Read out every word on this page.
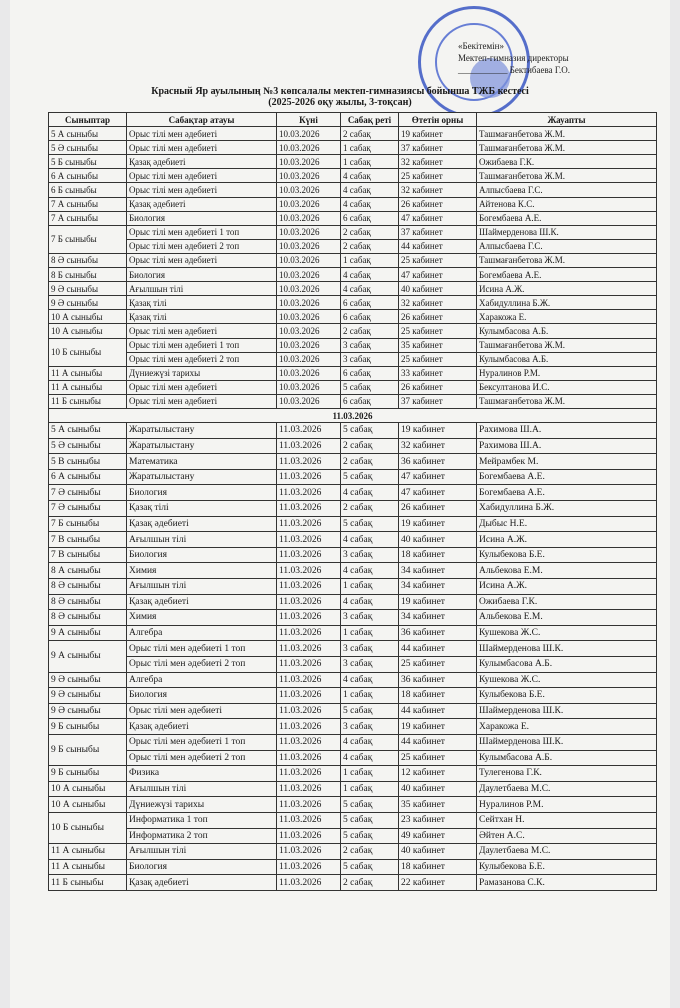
«Бекітемін»
Мектеп-гимназия директоры
___________ Бектибаева Г.О.
Красный Яр ауылының №3 көпсалалы мектеп-гимназиясы бойынша ТЖБ кестесі
(2025-2026 оқу жылы, 3-тоқсан)
Сыныптар	Сабақтар атауы	Күні	Сабақ реті	Өтетін орны	Жауапты
5 А сыныбы	Орыс тілі мен әдебиеті	10.03.2026	2 сабақ	19 кабинет	Ташмағанбетова Ж.М.
5 Ә сыныбы	Орыс тілі мен әдебиеті	10.03.2026	1 сабақ	37 кабинет	Ташмағанбетова Ж.М.
5 Б сыныбы	Қазақ әдебиеті	10.03.2026	1 сабақ	32 кабинет	Ожибаева Г.К.
6 А сыныбы	Орыс тілі мен әдебиеті	10.03.2026	4 сабақ	25 кабинет	Ташмағанбетова Ж.М.
6 Б сыныбы	Орыс тілі мен әдебиеті	10.03.2026	4 сабақ	32 кабинет	Алпысбаева Г.С.
7 А сыныбы	Қазақ әдебиеті	10.03.2026	4 сабақ	26 кабинет	Айтенова К.С.
7 А сыныбы	Биология	10.03.2026	6 сабақ	47 кабинет	Богембаева А.Е.
7 Б сыныбы	Орыс тілі мен әдебиеті 1 топ	10.03.2026	2 сабақ	37 кабинет	Шаймерденова Ш.К.
	Орыс тілі мен әдебиеті 2 топ	10.03.2026	2 сабақ	44 кабинет	Алпысбаева Г.С.
8 Ә сыныбы	Орыс тілі мен әдебиеті	10.03.2026	1 сабақ	25 кабинет	Ташмағанбетова Ж.М.
8 Б сыныбы	Биология	10.03.2026	4 сабақ	47 кабинет	Богембаева А.Е.
9 Ә сыныбы	Ағылшын тілі	10.03.2026	4 сабақ	40 кабинет	Исина А.Ж.
9 Ә сыныбы	Қазақ тілі	10.03.2026	6 сабақ	32 кабинет	Хабидуллина Б.Ж.
10 А сыныбы	Қазақ тілі	10.03.2026	6 сабақ	26 кабинет	Харакожа Е.
10 А сыныбы	Орыс тілі мен әдебиеті	10.03.2026	2 сабақ	25 кабинет	Кулымбасова А.Б.
10 Б сыныбы	Орыс тілі мен әдебиеті 1 топ	10.03.2026	3 сабақ	35 кабинет	Ташмағанбетова Ж.М.
	Орыс тілі мен әдебиеті 2 топ	10.03.2026	3 сабақ	25 кабинет	Кулымбасова А.Б.
11 А сыныбы	Дүниежүзі тарихы	10.03.2026	6 сабақ	33 кабинет	Нуралинов Р.М.
11 А сыныбы	Орыс тілі мен әдебиеті	10.03.2026	5 сабақ	26 кабинет	Бексултанова И.С.
11 Б сыныбы	Орыс тілі мен әдебиеті	10.03.2026	6 сабақ	37 кабинет	Ташмағанбетова Ж.М.
11.03.2026					
5 А сыныбы	Жаратылыстану	11.03.2026	5 сабақ	19 кабинет	Рахимова Ш.А.
5 Ә сыныбы	Жаратылыстану	11.03.2026	2 сабақ	32 кабинет	Рахимова Ш.А.
5 В сыныбы	Математика	11.03.2026	2 сабақ	36 кабинет	Мейрамбек М.
6 А сыныбы	Жаратылыстану	11.03.2026	5 сабақ	47 кабинет	Богембаева А.Е.
7 Ә сыныбы	Биология	11.03.2026	4 сабақ	47 кабинет	Богембаева А.Е.
7 Ә сыныбы	Қазақ тілі	11.03.2026	2 сабақ	26 кабинет	Хабидуллина Б.Ж.
7 Б сыныбы	Қазақ әдебиеті	11.03.2026	5 сабақ	19 кабинет	Дыбыс Н.Е.
7 В сыныбы	Ағылшын тілі	11.03.2026	4 сабақ	40 кабинет	Исина А.Ж.
7 В сыныбы	Биология	11.03.2026	3 сабақ	18 кабинет	Кулыбекова Б.Е.
8 А сыныбы	Химия	11.03.2026	4 сабақ	34 кабинет	Альбекова Е.М.
8 Ә сыныбы	Ағылшын тілі	11.03.2026	1 сабақ	34 кабинет	Исина А.Ж.
8 Ә сыныбы	Қазақ әдебиеті	11.03.2026	4 сабақ	19 кабинет	Ожибаева Г.К.
8 Ә сыныбы	Химия	11.03.2026	3 сабақ	34 кабинет	Альбекова Е.М.
9 А сыныбы	Алгебра	11.03.2026	1 сабақ	36 кабинет	Кушекова Ж.С.
9 А сыныбы	Орыс тілі мен әдебиеті 1 топ	11.03.2026	3 сабақ	44 кабинет	Шаймерденова Ш.К.
	Орыс тілі мен әдебиеті 2 топ	11.03.2026	3 сабақ	25 кабинет	Кулымбасова А.Б.
9 Ә сыныбы	Алгебра	11.03.2026	4 сабақ	36 кабинет	Кушекова Ж.С.
9 Ә сыныбы	Биология	11.03.2026	1 сабақ	18 кабинет	Кулыбекова Б.Е.
9 Ә сыныбы	Орыс тілі мен әдебиеті	11.03.2026	5 сабақ	44 кабинет	Шаймерденова Ш.К.
9 Б сыныбы	Қазақ әдебиеті	11.03.2026	3 сабақ	19 кабинет	Харакожа Е.
9 Б сыныбы	Орыс тілі мен әдебиеті 1 топ	11.03.2026	4 сабақ	44 кабинет	Шаймерденова Ш.К.
	Орыс тілі мен әдебиеті 2 топ	11.03.2026	4 сабақ	25 кабинет	Кулымбасова А.Б.
9 Б сыныбы	Физика	11.03.2026	1 сабақ	12 кабинет	Тулегенова Г.К.
10 А сыныбы	Ағылшын тілі	11.03.2026	1 сабақ	40 кабинет	Даулетбаева М.С.
10 А сыныбы	Дүниежүзі тарихы	11.03.2026	5 сабақ	35 кабинет	Нуралинов Р.М.
10 Б сыныбы	Информатика 1 топ	11.03.2026	5 сабақ	23 кабинет	Сейтхан Н.
	Информатика 2 топ	11.03.2026	5 сабақ	49 кабинет	Әйтен А.С.
11 А сыныбы	Ағылшын тілі	11.03.2026	2 сабақ	40 кабинет	Даулетбаева М.С.
11 А сыныбы	Биология	11.03.2026	5 сабақ	18 кабинет	Кулыбекова Б.Е.
11 Б сыныбы	Қазақ әдебиеті	11.03.2026	2 сабақ	22 кабинет	Рамазанова С.К.
